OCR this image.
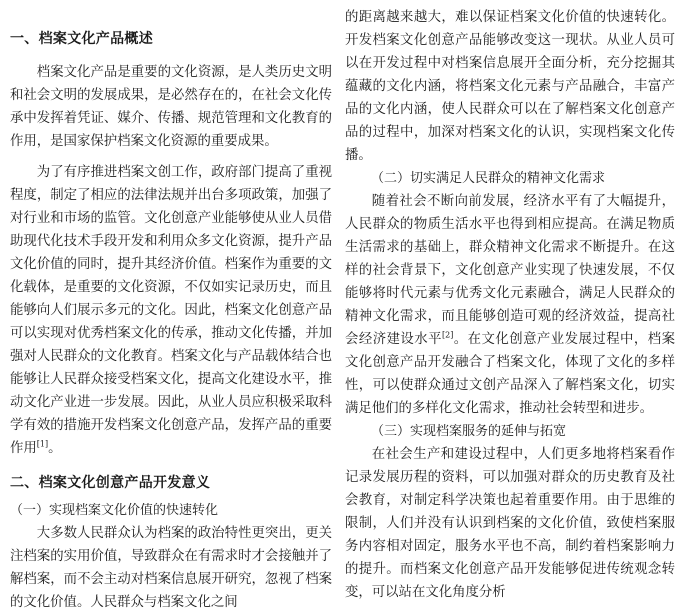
一、档案文化产品概述

档案文化产品是重要的文化资源，是人类历史文明和社会文明的发展成果，是必然存在的，在社会文化传承中发挥着凭证、媒介、传播、规范管理和文化教育的作用，是国家保护档案文化资源的重要成果。

为了有序推进档案文创工作，政府部门提高了重视程度，制定了相应的法律法规并出台多项政策，加强了对行业和市场的监管。文化创意产业能够使从业人员借助现代化技术手段开发和利用众多文化资源，提升产品文化价值的同时，提升其经济价值。档案作为重要的文化载体，是重要的文化资源，不仅如实记录历史，而且能够向人们展示多元的文化。因此，档案文化创意产品可以实现对优秀档案文化的传承，推动文化传播，并加强对人民群众的文化教育。档案文化与产品载体结合也能够让人民群众接受档案文化，提高文化建设水平，推动文化产业进一步发展。因此，从业人员应积极采取科学有效的措施开发档案文化创意产品，发挥产品的重要作用[1]。

二、档案文化创意产品开发意义
（一）实现档案文化价值的快速转化

大多数人民群众认为档案的政治特性更突出，更关注档案的实用价值，导致群众在有需求时才会接触并了解档案，而不会主动对档案信息展开研究，忽视了档案的文化价值。人民群众与档案文化之间

的距离越来越大，难以保证档案文化价值的快速转化。开发档案文化创意产品能够改变这一现状。从业人员可以在开发过程中对档案信息展开全面分析，充分挖掘其蕴藏的文化内涵，将档案文化元素与产品融合，丰富产品的文化内涵，使人民群众可以在了解档案文化创意产品的过程中，加深对档案文化的认识，实现档案文化传播。

（二）切实满足人民群众的精神文化需求

随着社会不断向前发展，经济水平有了大幅提升，人民群众的物质生活水平也得到相应提高。在满足物质生活需求的基础上，群众精神文化需求不断提升。在这样的社会背景下，文化创意产业实现了快速发展，不仅能够将时代元素与优秀文化元素融合，满足人民群众的精神文化需求，而且能够创造可观的经济效益，提高社会经济建设水平[2]。在文化创意产业发展过程中，档案文化创意产品开发融合了档案文化，体现了文化的多样性，可以使群众通过文创产品深入了解档案文化，切实满足他们的多样化文化需求，推动社会转型和进步。

（三）实现档案服务的延伸与拓宽

在社会生产和建设过程中，人们更多地将档案看作记录发展历程的资料，可以加强对群众的历史教育及社会教育，对制定科学决策也起着重要作用。由于思维的限制，人们并没有认识到档案的文化价值，致使档案服务内容相对固定，服务水平也不高，制约着档案影响力的提升。而档案文化创意产品开发能够促进传统观念转变，可以站在文化角度分析
